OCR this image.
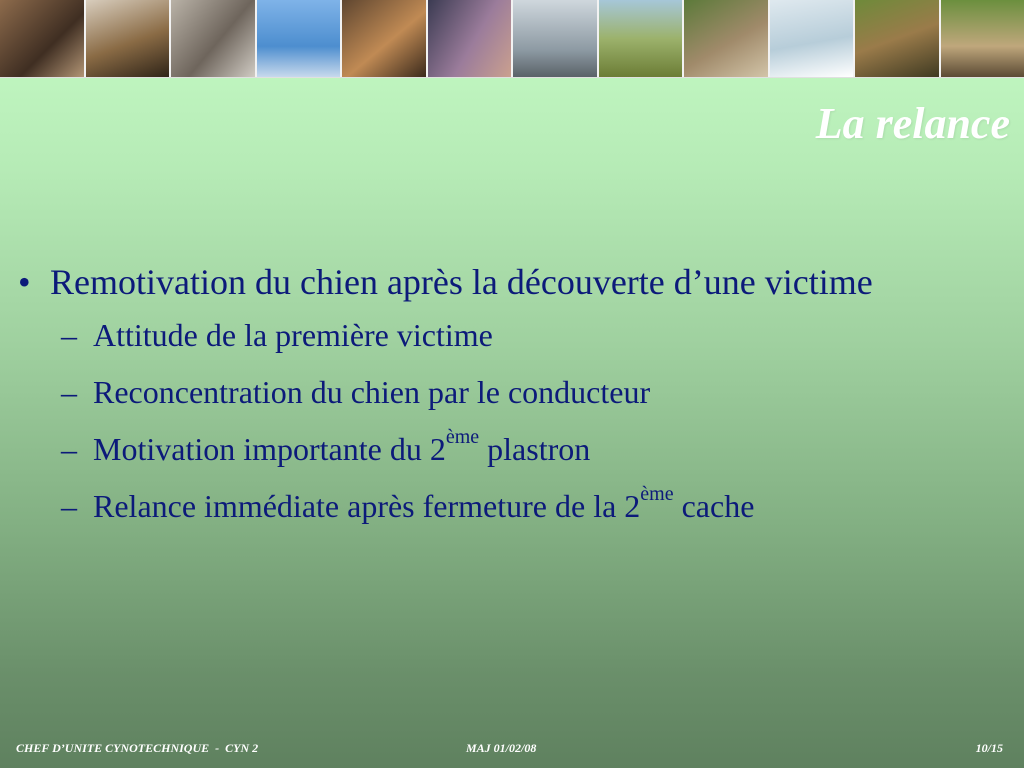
La relance
• Remotivation du chien après la découverte d’une victime
– Attitude de la première victime
– Reconcentration du chien par le conducteur
– Motivation importante du 2ème plastron
– Relance immédiate après fermeture de la 2ème cache
CHEF D’UNITE CYNOTECHNIQUE  -  CYN 2	MAJ 01/02/08	10/15
